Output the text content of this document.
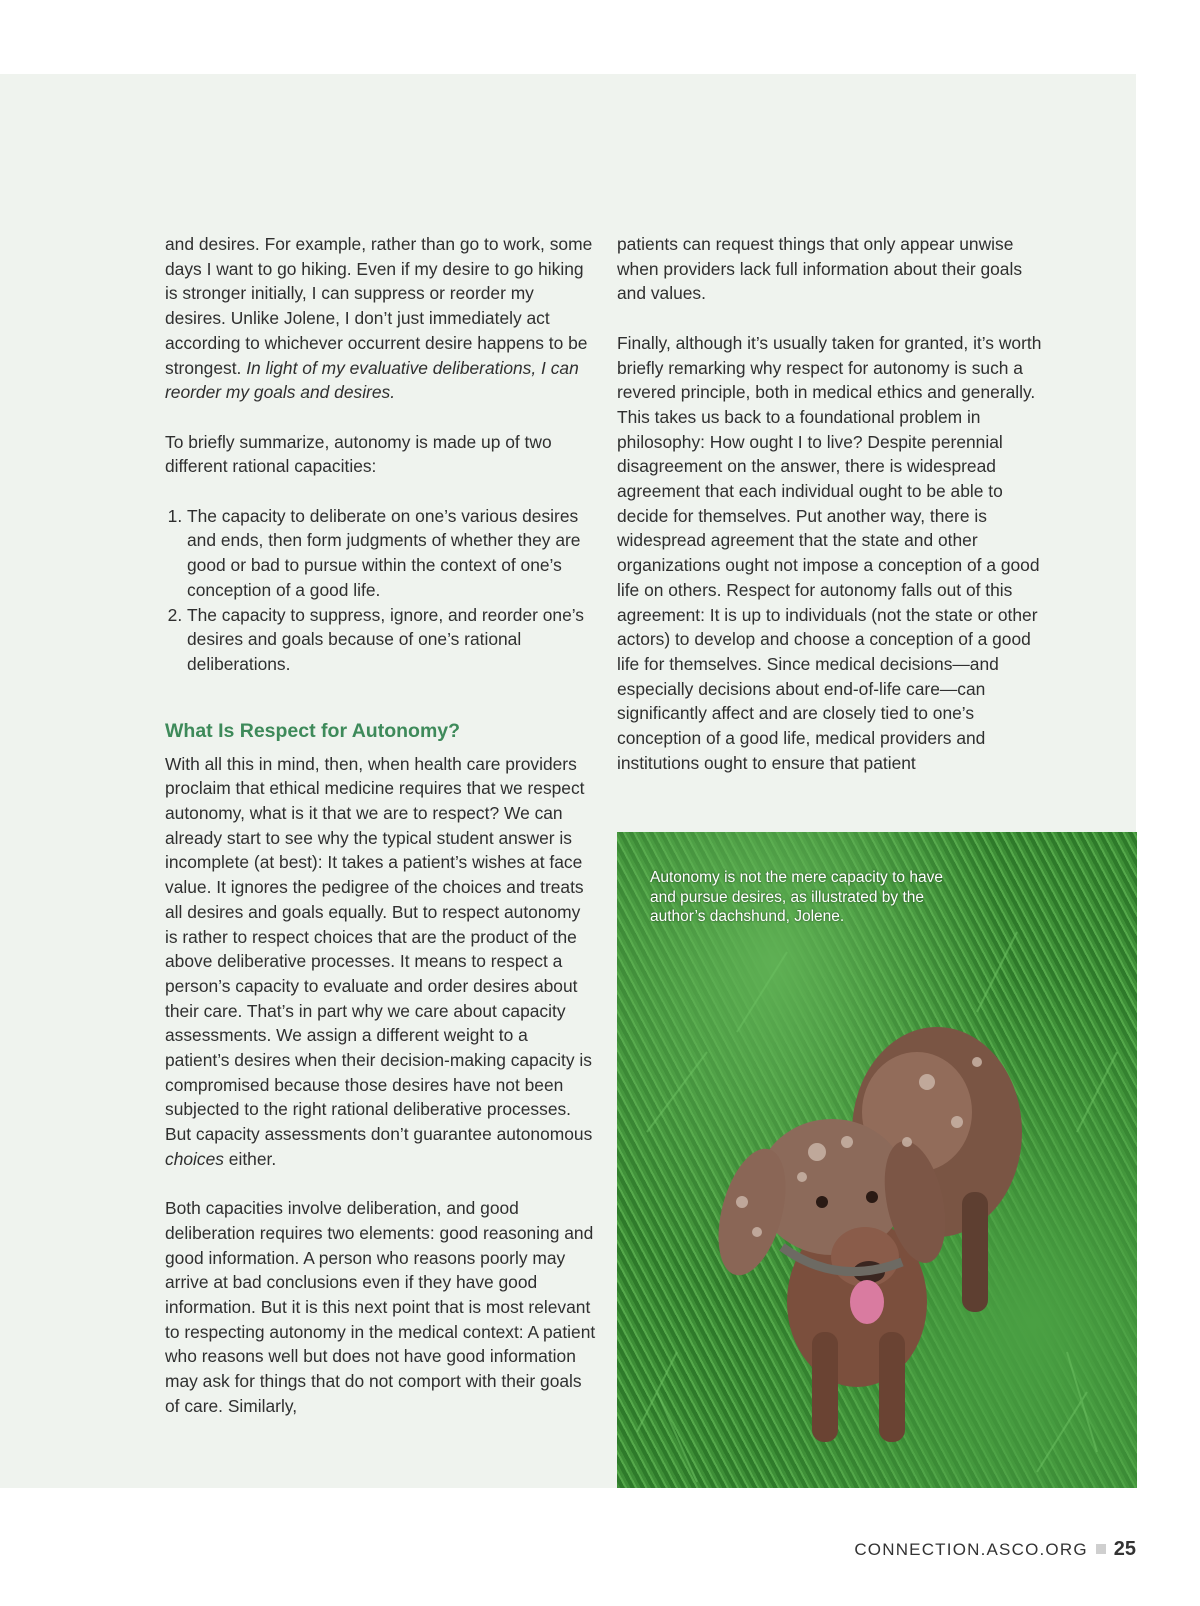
and desires. For example, rather than go to work, some days I want to go hiking. Even if my desire to go hiking is stronger initially, I can suppress or reorder my desires. Unlike Jolene, I don’t just immediately act according to whichever occurrent desire happens to be strongest. In light of my evaluative deliberations, I can reorder my goals and desires.

To briefly summarize, autonomy is made up of two different rational capacities:

1. The capacity to deliberate on one’s various desires and ends, then form judgments of whether they are good or bad to pursue within the context of one’s conception of a good life.
2. The capacity to suppress, ignore, and reorder one’s desires and goals because of one’s rational deliberations.
What Is Respect for Autonomy?

With all this in mind, then, when health care providers proclaim that ethical medicine requires that we respect autonomy, what is it that we are to respect? We can already start to see why the typical student answer is incomplete (at best): It takes a patient’s wishes at face value. It ignores the pedigree of the choices and treats all desires and goals equally. But to respect autonomy is rather to respect choices that are the product of the above deliberative processes. It means to respect a person’s capacity to evaluate and order desires about their care. That’s in part why we care about capacity assessments. We assign a different weight to a patient’s desires when their decision-making capacity is compromised because those desires have not been subjected to the right rational deliberative processes. But capacity assessments don’t guarantee autonomous choices either.

Both capacities involve deliberation, and good deliberation requires two elements: good reasoning and good information. A person who reasons poorly may arrive at bad conclusions even if they have good information. But it is this next point that is most relevant to respecting autonomy in the medical context: A patient who reasons well but does not have good information may ask for things that do not comport with their goals of care. Similarly,

patients can request things that only appear unwise when providers lack full information about their goals and values.

Finally, although it’s usually taken for granted, it’s worth briefly remarking why respect for autonomy is such a revered principle, both in medical ethics and generally. This takes us back to a foundational problem in philosophy: How ought I to live? Despite perennial disagreement on the answer, there is widespread agreement that each individual ought to be able to decide for themselves. Put another way, there is widespread agreement that the state and other organizations ought not impose a conception of a good life on others. Respect for autonomy falls out of this agreement: It is up to individuals (not the state or other actors) to develop and choose a conception of a good life for themselves. Since medical decisions—and especially decisions about end-of-life care—can significantly affect and are closely tied to one’s conception of a good life, medical providers and institutions ought to ensure that patient

Autonomy is not the mere capacity to have and pursue desires, as illustrated by the author’s dachshund, Jolene.
CONNECTION.ASCO.ORG 25
